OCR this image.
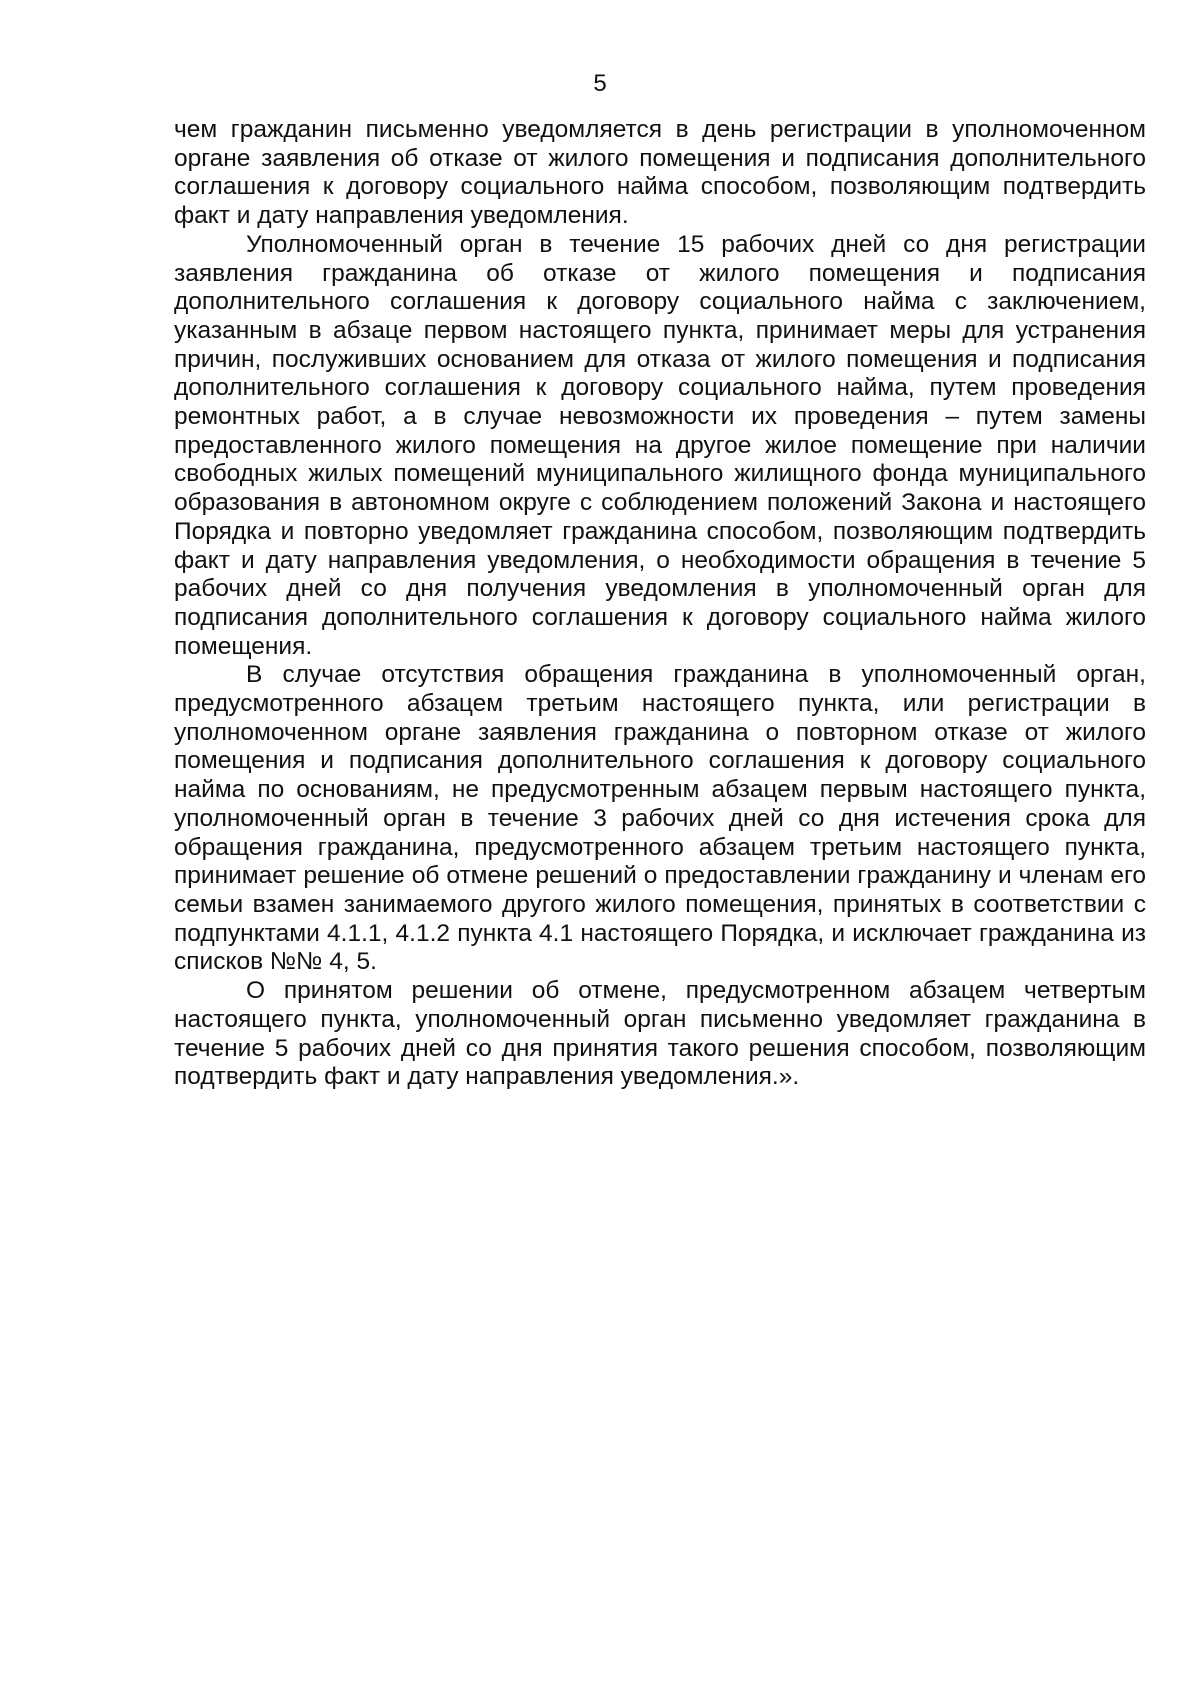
5

чем гражданин письменно уведомляется в день регистрации в уполномоченном органе заявления об отказе от жилого помещения и подписания дополнительного соглашения к договору социального найма способом, позволяющим подтвердить факт и дату направления уведомления.

Уполномоченный орган в течение 15 рабочих дней со дня регистрации заявления гражданина об отказе от жилого помещения и подписания дополнительного соглашения к договору социального найма с заключением, указанным в абзаце первом настоящего пункта, принимает меры для устранения причин, послуживших основанием для отказа от жилого помещения и подписания дополнительного соглашения к договору социального найма, путем проведения ремонтных работ, а в случае невозможности их проведения – путем замены предоставленного жилого помещения на другое жилое помещение при наличии свободных жилых помещений муниципального жилищного фонда муниципального образования в автономном округе с соблюдением положений Закона и настоящего Порядка и повторно уведомляет гражданина способом, позволяющим подтвердить факт и дату направления уведомления, о необходимости обращения в течение 5 рабочих дней со дня получения уведомления в уполномоченный орган для подписания дополнительного соглашения к договору социального найма жилого помещения.

В случае отсутствия обращения гражданина в уполномоченный орган, предусмотренного абзацем третьим настоящего пункта, или регистрации в уполномоченном органе заявления гражданина о повторном отказе от жилого помещения и подписания дополнительного соглашения к договору социального найма по основаниям, не предусмотренным абзацем первым настоящего пункта, уполномоченный орган в течение 3 рабочих дней со дня истечения срока для обращения гражданина, предусмотренного абзацем третьим настоящего пункта, принимает решение об отмене решений о предоставлении гражданину и членам его семьи взамен занимаемого другого жилого помещения, принятых в соответствии с подпунктами 4.1.1, 4.1.2 пункта 4.1 настоящего Порядка, и исключает гражданина из списков №№ 4, 5.

О принятом решении об отмене, предусмотренном абзацем четвертым настоящего пункта, уполномоченный орган письменно уведомляет гражданина в течение 5 рабочих дней со дня принятия такого решения способом, позволяющим подтвердить факт и дату направления уведомления.».
